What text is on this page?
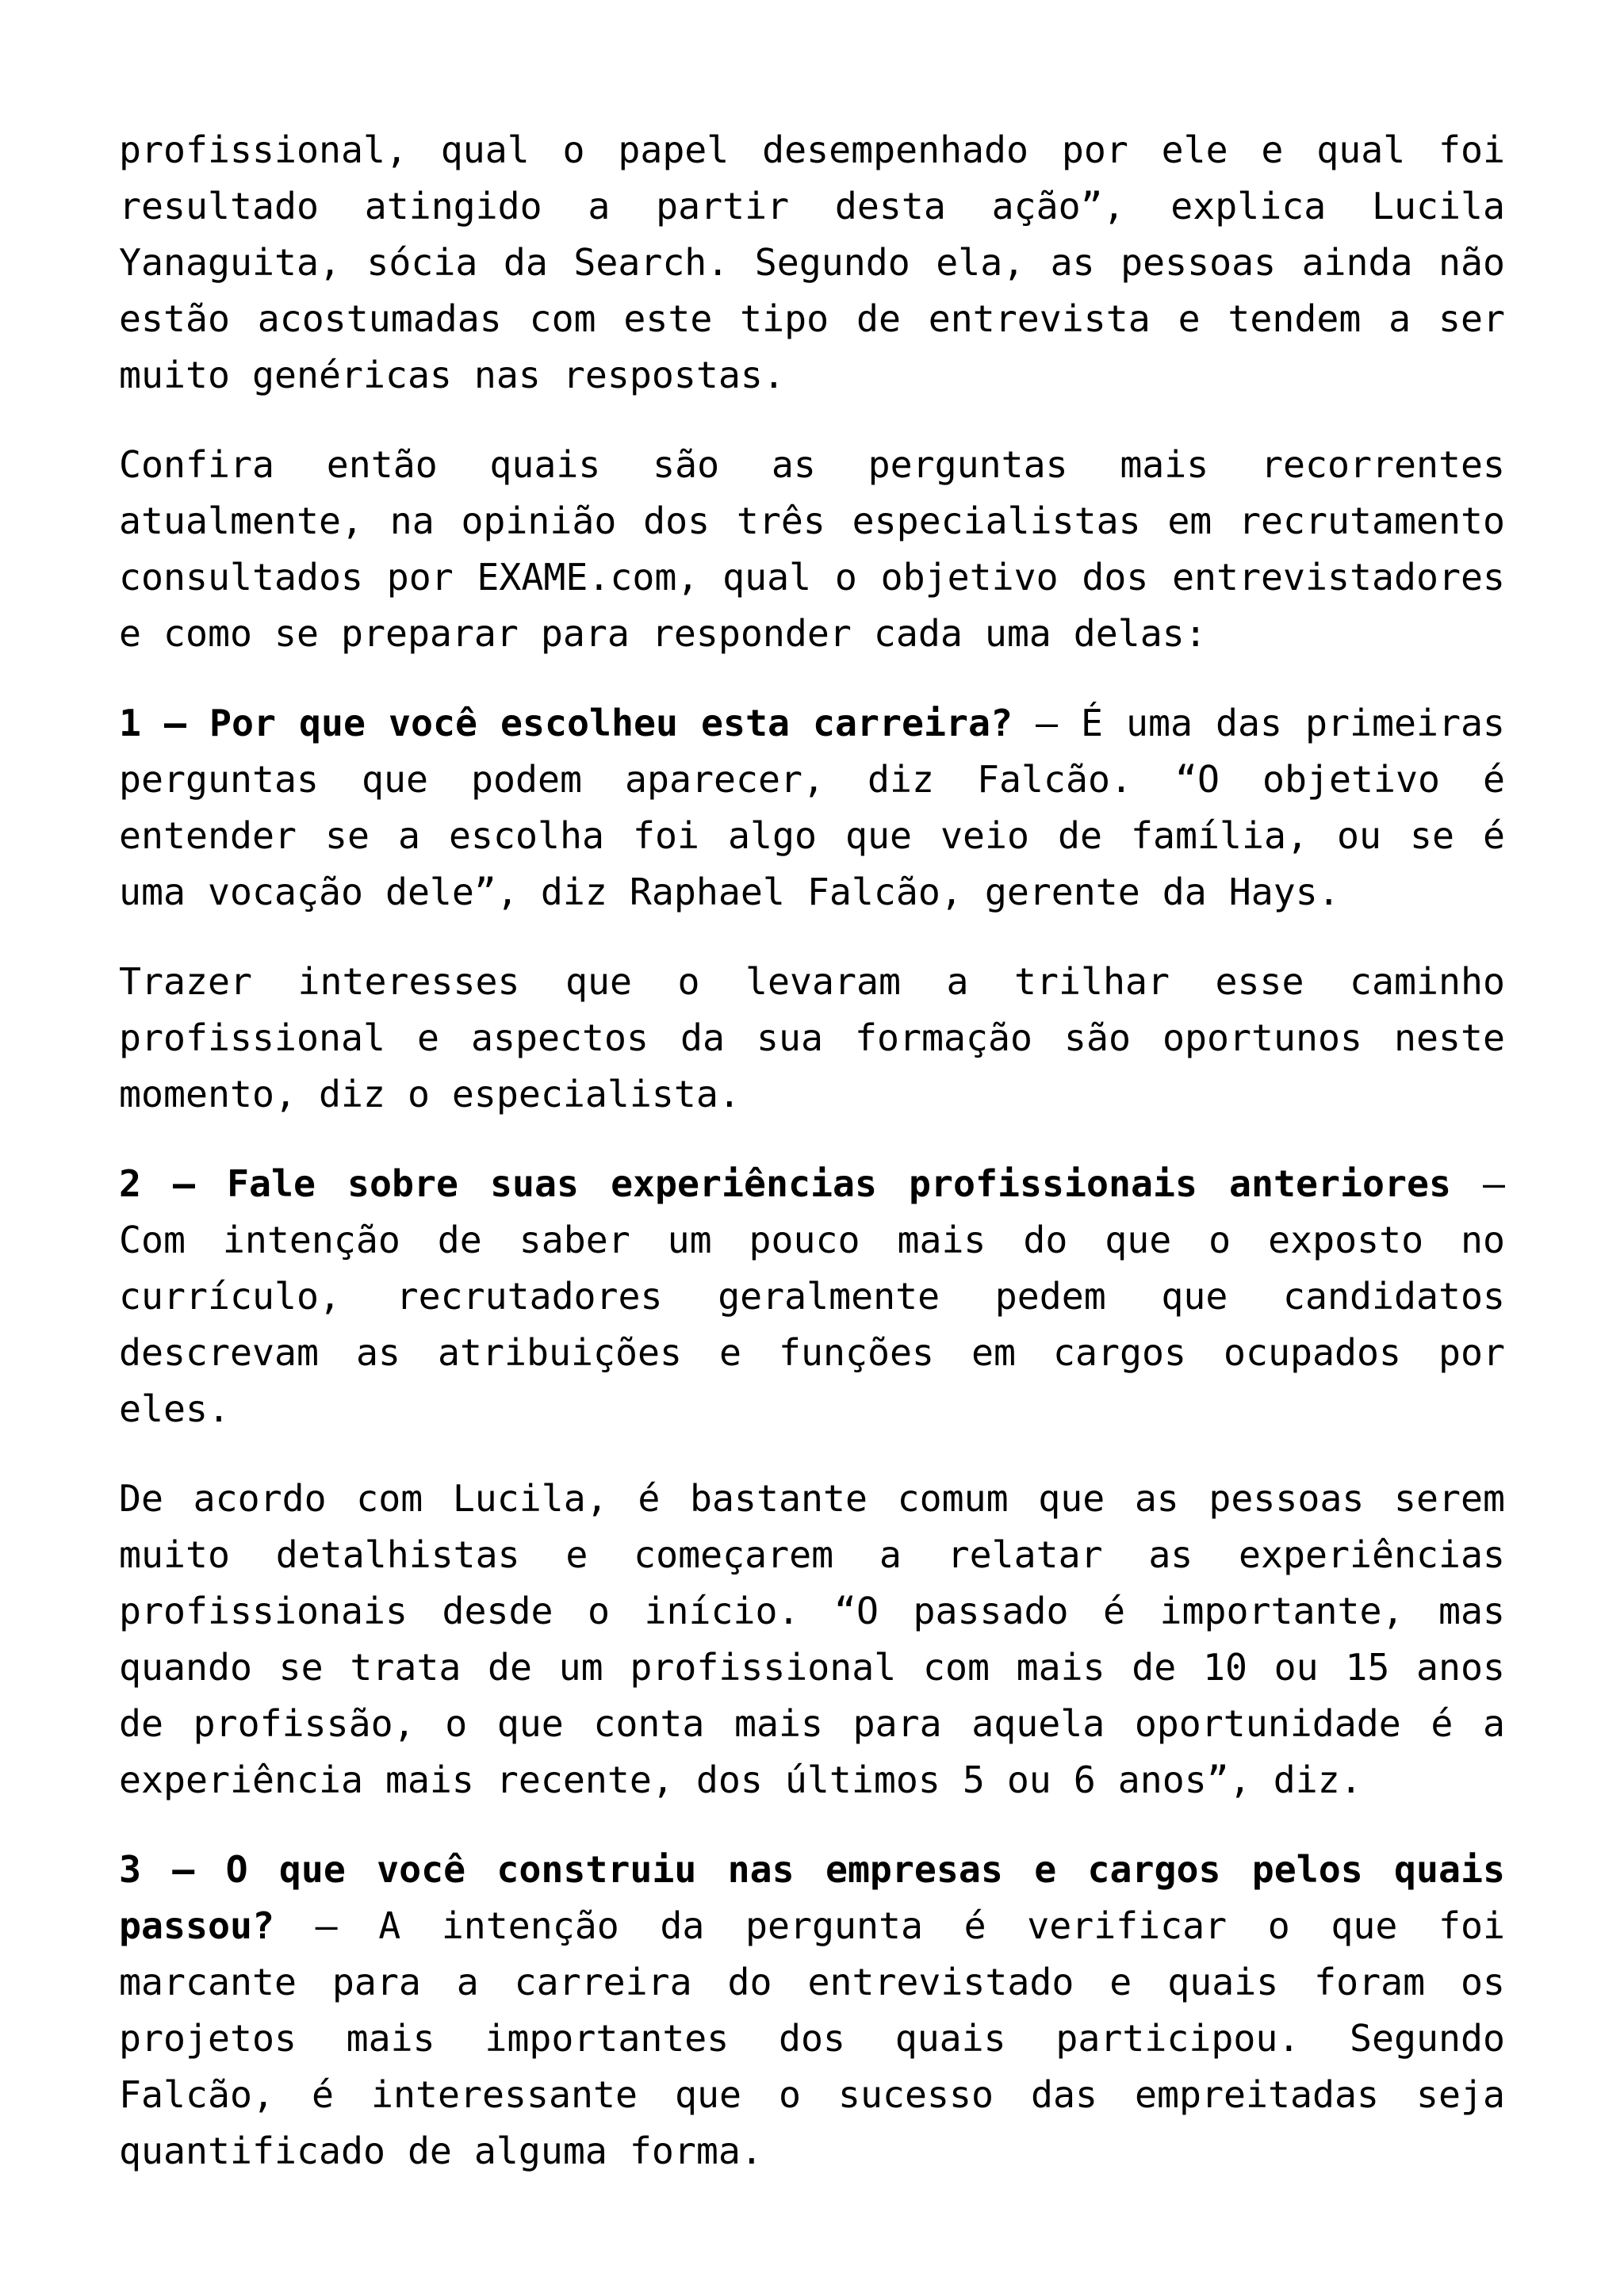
profissional, qual o papel desempenhado por ele e qual foi
resultado atingido a partir desta ação”, explica Lucila
Yanaguita, sócia da Search. Segundo ela, as pessoas ainda não
estão acostumadas com este tipo de entrevista e tendem a ser
muito genéricas nas respostas.
Confira então quais são as perguntas mais recorrentes
atualmente, na opinião dos três especialistas em recrutamento
consultados por EXAME.com, qual o objetivo dos entrevistadores
e como se preparar para responder cada uma delas:
1 — Por que você escolheu esta carreira? — É uma das primeiras
perguntas que podem aparecer, diz Falcão. “O objetivo é
entender se a escolha foi algo que veio de família, ou se é
uma vocação dele”, diz Raphael Falcão, gerente da Hays.
Trazer interesses que o levaram a trilhar esse caminho
profissional e aspectos da sua formação são oportunos neste
momento, diz o especialista.
2 — Fale sobre suas experiências profissionais anteriores —
Com intenção de saber um pouco mais do que o exposto no
currículo, recrutadores geralmente pedem que candidatos
descrevam as atribuições e funções em cargos ocupados por
eles.
De acordo com Lucila, é bastante comum que as pessoas serem
muito detalhistas e começarem a relatar as experiências
profissionais desde o início. “O passado é importante, mas
quando se trata de um profissional com mais de 10 ou 15 anos
de profissão, o que conta mais para aquela oportunidade é a
experiência mais recente, dos últimos 5 ou 6 anos”, diz.
3 — O que você construiu nas empresas e cargos pelos quais
passou? — A intenção da pergunta é verificar o que foi
marcante para a carreira do entrevistado e quais foram os
projetos mais importantes dos quais participou. Segundo
Falcão, é interessante que o sucesso das empreitadas seja
quantificado de alguma forma.
